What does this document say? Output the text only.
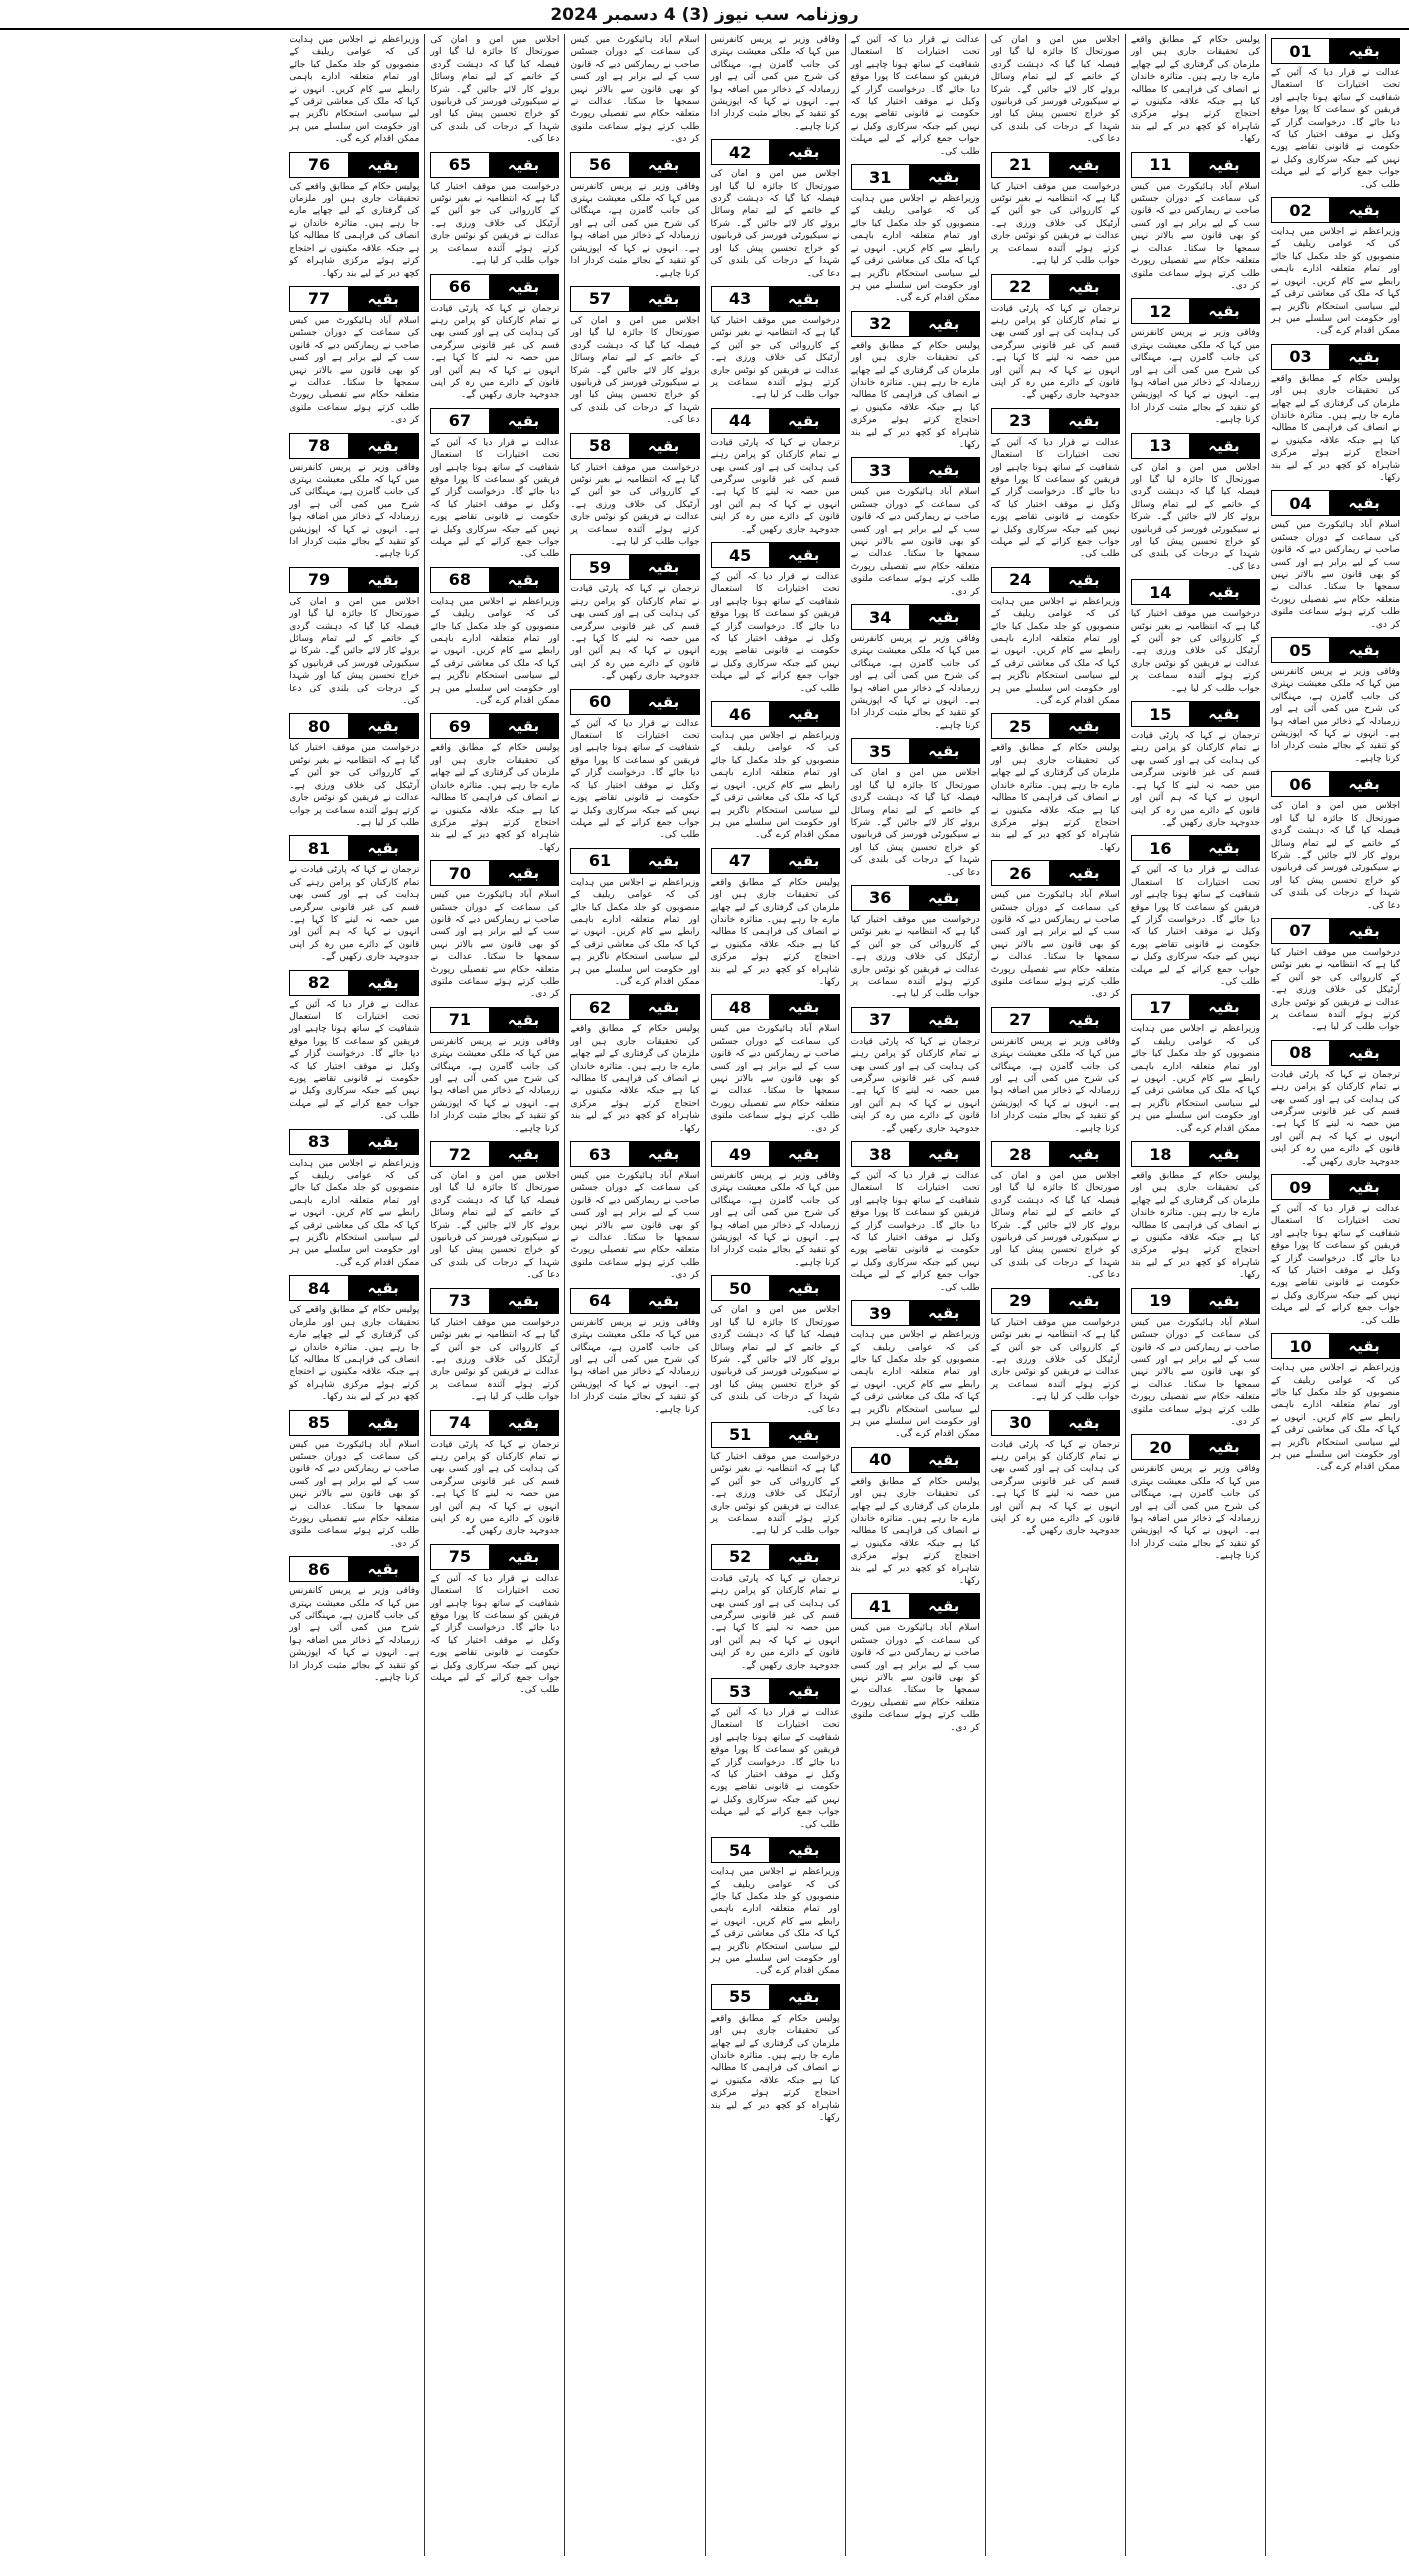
روزنامہ سب نیوز (3) 4 دسمبر 2024
بقیہ
01

عدالت نے قرار دیا کہ آئین کے تحت اختیارات کا استعمال شفافیت کے ساتھ ہونا چاہیے اور فریقین کو سماعت کا پورا موقع دیا جائے گا۔ درخواست گزار کے وکیل نے موقف اختیار کیا کہ حکومت نے قانونی تقاضے پورے نہیں کیے جبکہ سرکاری وکیل نے جواب جمع کرانے کے لیے مہلت طلب کی۔

بقیہ
02

وزیراعظم نے اجلاس میں ہدایت کی کہ عوامی ریلیف کے منصوبوں کو جلد مکمل کیا جائے اور تمام متعلقہ ادارے باہمی رابطے سے کام کریں۔ انہوں نے کہا کہ ملک کی معاشی ترقی کے لیے سیاسی استحکام ناگزیر ہے اور حکومت اس سلسلے میں ہر ممکن اقدام کرے گی۔

بقیہ
03

پولیس حکام کے مطابق واقعے کی تحقیقات جاری ہیں اور ملزمان کی گرفتاری کے لیے چھاپے مارے جا رہے ہیں۔ متاثرہ خاندان نے انصاف کی فراہمی کا مطالبہ کیا ہے جبکہ علاقہ مکینوں نے احتجاج کرتے ہوئے مرکزی شاہراہ کو کچھ دیر کے لیے بند رکھا۔

بقیہ
04

اسلام آباد ہائیکورٹ میں کیس کی سماعت کے دوران جسٹس صاحب نے ریمارکس دیے کہ قانون سب کے لیے برابر ہے اور کسی کو بھی قانون سے بالاتر نہیں سمجھا جا سکتا۔ عدالت نے متعلقہ حکام سے تفصیلی رپورٹ طلب کرتے ہوئے سماعت ملتوی کر دی۔

بقیہ
05

وفاقی وزیر نے پریس کانفرنس میں کہا کہ ملکی معیشت بہتری کی جانب گامزن ہے، مہنگائی کی شرح میں کمی آئی ہے اور زرمبادلہ کے ذخائر میں اضافہ ہوا ہے۔ انہوں نے کہا کہ اپوزیشن کو تنقید کے بجائے مثبت کردار ادا کرنا چاہیے۔

بقیہ
06

اجلاس میں امن و امان کی صورتحال کا جائزہ لیا گیا اور فیصلہ کیا گیا کہ دہشت گردی کے خاتمے کے لیے تمام وسائل بروئے کار لائے جائیں گے۔ شرکا نے سیکیورٹی فورسز کی قربانیوں کو خراج تحسین پیش کیا اور شہدا کے درجات کی بلندی کی دعا کی۔

بقیہ
07

درخواست میں موقف اختیار کیا گیا ہے کہ انتظامیہ نے بغیر نوٹس کے کارروائی کی جو آئین کے آرٹیکل کی خلاف ورزی ہے۔ عدالت نے فریقین کو نوٹس جاری کرتے ہوئے آئندہ سماعت پر جواب طلب کر لیا ہے۔

بقیہ
08

ترجمان نے کہا کہ پارٹی قیادت نے تمام کارکنان کو پرامن رہنے کی ہدایت کی ہے اور کسی بھی قسم کی غیر قانونی سرگرمی میں حصہ نہ لینے کا کہا ہے۔ انہوں نے کہا کہ ہم آئین اور قانون کے دائرے میں رہ کر اپنی جدوجہد جاری رکھیں گے۔

بقیہ
09

عدالت نے قرار دیا کہ آئین کے تحت اختیارات کا استعمال شفافیت کے ساتھ ہونا چاہیے اور فریقین کو سماعت کا پورا موقع دیا جائے گا۔ درخواست گزار کے وکیل نے موقف اختیار کیا کہ حکومت نے قانونی تقاضے پورے نہیں کیے جبکہ سرکاری وکیل نے جواب جمع کرانے کے لیے مہلت طلب کی۔

بقیہ
10

وزیراعظم نے اجلاس میں ہدایت کی کہ عوامی ریلیف کے منصوبوں کو جلد مکمل کیا جائے اور تمام متعلقہ ادارے باہمی رابطے سے کام کریں۔ انہوں نے کہا کہ ملک کی معاشی ترقی کے لیے سیاسی استحکام ناگزیر ہے اور حکومت اس سلسلے میں ہر ممکن اقدام کرے گی۔

پولیس حکام کے مطابق واقعے کی تحقیقات جاری ہیں اور ملزمان کی گرفتاری کے لیے چھاپے مارے جا رہے ہیں۔ متاثرہ خاندان نے انصاف کی فراہمی کا مطالبہ کیا ہے جبکہ علاقہ مکینوں نے احتجاج کرتے ہوئے مرکزی شاہراہ کو کچھ دیر کے لیے بند رکھا۔

بقیہ
11

اسلام آباد ہائیکورٹ میں کیس کی سماعت کے دوران جسٹس صاحب نے ریمارکس دیے کہ قانون سب کے لیے برابر ہے اور کسی کو بھی قانون سے بالاتر نہیں سمجھا جا سکتا۔ عدالت نے متعلقہ حکام سے تفصیلی رپورٹ طلب کرتے ہوئے سماعت ملتوی کر دی۔

بقیہ
12

وفاقی وزیر نے پریس کانفرنس میں کہا کہ ملکی معیشت بہتری کی جانب گامزن ہے، مہنگائی کی شرح میں کمی آئی ہے اور زرمبادلہ کے ذخائر میں اضافہ ہوا ہے۔ انہوں نے کہا کہ اپوزیشن کو تنقید کے بجائے مثبت کردار ادا کرنا چاہیے۔

بقیہ
13

اجلاس میں امن و امان کی صورتحال کا جائزہ لیا گیا اور فیصلہ کیا گیا کہ دہشت گردی کے خاتمے کے لیے تمام وسائل بروئے کار لائے جائیں گے۔ شرکا نے سیکیورٹی فورسز کی قربانیوں کو خراج تحسین پیش کیا اور شہدا کے درجات کی بلندی کی دعا کی۔

بقیہ
14

درخواست میں موقف اختیار کیا گیا ہے کہ انتظامیہ نے بغیر نوٹس کے کارروائی کی جو آئین کے آرٹیکل کی خلاف ورزی ہے۔ عدالت نے فریقین کو نوٹس جاری کرتے ہوئے آئندہ سماعت پر جواب طلب کر لیا ہے۔

بقیہ
15

ترجمان نے کہا کہ پارٹی قیادت نے تمام کارکنان کو پرامن رہنے کی ہدایت کی ہے اور کسی بھی قسم کی غیر قانونی سرگرمی میں حصہ نہ لینے کا کہا ہے۔ انہوں نے کہا کہ ہم آئین اور قانون کے دائرے میں رہ کر اپنی جدوجہد جاری رکھیں گے۔

بقیہ
16

عدالت نے قرار دیا کہ آئین کے تحت اختیارات کا استعمال شفافیت کے ساتھ ہونا چاہیے اور فریقین کو سماعت کا پورا موقع دیا جائے گا۔ درخواست گزار کے وکیل نے موقف اختیار کیا کہ حکومت نے قانونی تقاضے پورے نہیں کیے جبکہ سرکاری وکیل نے جواب جمع کرانے کے لیے مہلت طلب کی۔

بقیہ
17

وزیراعظم نے اجلاس میں ہدایت کی کہ عوامی ریلیف کے منصوبوں کو جلد مکمل کیا جائے اور تمام متعلقہ ادارے باہمی رابطے سے کام کریں۔ انہوں نے کہا کہ ملک کی معاشی ترقی کے لیے سیاسی استحکام ناگزیر ہے اور حکومت اس سلسلے میں ہر ممکن اقدام کرے گی۔

بقیہ
18

پولیس حکام کے مطابق واقعے کی تحقیقات جاری ہیں اور ملزمان کی گرفتاری کے لیے چھاپے مارے جا رہے ہیں۔ متاثرہ خاندان نے انصاف کی فراہمی کا مطالبہ کیا ہے جبکہ علاقہ مکینوں نے احتجاج کرتے ہوئے مرکزی شاہراہ کو کچھ دیر کے لیے بند رکھا۔

بقیہ
19

اسلام آباد ہائیکورٹ میں کیس کی سماعت کے دوران جسٹس صاحب نے ریمارکس دیے کہ قانون سب کے لیے برابر ہے اور کسی کو بھی قانون سے بالاتر نہیں سمجھا جا سکتا۔ عدالت نے متعلقہ حکام سے تفصیلی رپورٹ طلب کرتے ہوئے سماعت ملتوی کر دی۔

بقیہ
20

وفاقی وزیر نے پریس کانفرنس میں کہا کہ ملکی معیشت بہتری کی جانب گامزن ہے، مہنگائی کی شرح میں کمی آئی ہے اور زرمبادلہ کے ذخائر میں اضافہ ہوا ہے۔ انہوں نے کہا کہ اپوزیشن کو تنقید کے بجائے مثبت کردار ادا کرنا چاہیے۔

اجلاس میں امن و امان کی صورتحال کا جائزہ لیا گیا اور فیصلہ کیا گیا کہ دہشت گردی کے خاتمے کے لیے تمام وسائل بروئے کار لائے جائیں گے۔ شرکا نے سیکیورٹی فورسز کی قربانیوں کو خراج تحسین پیش کیا اور شہدا کے درجات کی بلندی کی دعا کی۔

بقیہ
21

درخواست میں موقف اختیار کیا گیا ہے کہ انتظامیہ نے بغیر نوٹس کے کارروائی کی جو آئین کے آرٹیکل کی خلاف ورزی ہے۔ عدالت نے فریقین کو نوٹس جاری کرتے ہوئے آئندہ سماعت پر جواب طلب کر لیا ہے۔

بقیہ
22

ترجمان نے کہا کہ پارٹی قیادت نے تمام کارکنان کو پرامن رہنے کی ہدایت کی ہے اور کسی بھی قسم کی غیر قانونی سرگرمی میں حصہ نہ لینے کا کہا ہے۔ انہوں نے کہا کہ ہم آئین اور قانون کے دائرے میں رہ کر اپنی جدوجہد جاری رکھیں گے۔

بقیہ
23

عدالت نے قرار دیا کہ آئین کے تحت اختیارات کا استعمال شفافیت کے ساتھ ہونا چاہیے اور فریقین کو سماعت کا پورا موقع دیا جائے گا۔ درخواست گزار کے وکیل نے موقف اختیار کیا کہ حکومت نے قانونی تقاضے پورے نہیں کیے جبکہ سرکاری وکیل نے جواب جمع کرانے کے لیے مہلت طلب کی۔

بقیہ
24

وزیراعظم نے اجلاس میں ہدایت کی کہ عوامی ریلیف کے منصوبوں کو جلد مکمل کیا جائے اور تمام متعلقہ ادارے باہمی رابطے سے کام کریں۔ انہوں نے کہا کہ ملک کی معاشی ترقی کے لیے سیاسی استحکام ناگزیر ہے اور حکومت اس سلسلے میں ہر ممکن اقدام کرے گی۔

بقیہ
25

پولیس حکام کے مطابق واقعے کی تحقیقات جاری ہیں اور ملزمان کی گرفتاری کے لیے چھاپے مارے جا رہے ہیں۔ متاثرہ خاندان نے انصاف کی فراہمی کا مطالبہ کیا ہے جبکہ علاقہ مکینوں نے احتجاج کرتے ہوئے مرکزی شاہراہ کو کچھ دیر کے لیے بند رکھا۔

بقیہ
26

اسلام آباد ہائیکورٹ میں کیس کی سماعت کے دوران جسٹس صاحب نے ریمارکس دیے کہ قانون سب کے لیے برابر ہے اور کسی کو بھی قانون سے بالاتر نہیں سمجھا جا سکتا۔ عدالت نے متعلقہ حکام سے تفصیلی رپورٹ طلب کرتے ہوئے سماعت ملتوی کر دی۔

بقیہ
27

وفاقی وزیر نے پریس کانفرنس میں کہا کہ ملکی معیشت بہتری کی جانب گامزن ہے، مہنگائی کی شرح میں کمی آئی ہے اور زرمبادلہ کے ذخائر میں اضافہ ہوا ہے۔ انہوں نے کہا کہ اپوزیشن کو تنقید کے بجائے مثبت کردار ادا کرنا چاہیے۔

بقیہ
28

اجلاس میں امن و امان کی صورتحال کا جائزہ لیا گیا اور فیصلہ کیا گیا کہ دہشت گردی کے خاتمے کے لیے تمام وسائل بروئے کار لائے جائیں گے۔ شرکا نے سیکیورٹی فورسز کی قربانیوں کو خراج تحسین پیش کیا اور شہدا کے درجات کی بلندی کی دعا کی۔

بقیہ
29

درخواست میں موقف اختیار کیا گیا ہے کہ انتظامیہ نے بغیر نوٹس کے کارروائی کی جو آئین کے آرٹیکل کی خلاف ورزی ہے۔ عدالت نے فریقین کو نوٹس جاری کرتے ہوئے آئندہ سماعت پر جواب طلب کر لیا ہے۔

بقیہ
30

ترجمان نے کہا کہ پارٹی قیادت نے تمام کارکنان کو پرامن رہنے کی ہدایت کی ہے اور کسی بھی قسم کی غیر قانونی سرگرمی میں حصہ نہ لینے کا کہا ہے۔ انہوں نے کہا کہ ہم آئین اور قانون کے دائرے میں رہ کر اپنی جدوجہد جاری رکھیں گے۔

عدالت نے قرار دیا کہ آئین کے تحت اختیارات کا استعمال شفافیت کے ساتھ ہونا چاہیے اور فریقین کو سماعت کا پورا موقع دیا جائے گا۔ درخواست گزار کے وکیل نے موقف اختیار کیا کہ حکومت نے قانونی تقاضے پورے نہیں کیے جبکہ سرکاری وکیل نے جواب جمع کرانے کے لیے مہلت طلب کی۔

بقیہ
31

وزیراعظم نے اجلاس میں ہدایت کی کہ عوامی ریلیف کے منصوبوں کو جلد مکمل کیا جائے اور تمام متعلقہ ادارے باہمی رابطے سے کام کریں۔ انہوں نے کہا کہ ملک کی معاشی ترقی کے لیے سیاسی استحکام ناگزیر ہے اور حکومت اس سلسلے میں ہر ممکن اقدام کرے گی۔

بقیہ
32

پولیس حکام کے مطابق واقعے کی تحقیقات جاری ہیں اور ملزمان کی گرفتاری کے لیے چھاپے مارے جا رہے ہیں۔ متاثرہ خاندان نے انصاف کی فراہمی کا مطالبہ کیا ہے جبکہ علاقہ مکینوں نے احتجاج کرتے ہوئے مرکزی شاہراہ کو کچھ دیر کے لیے بند رکھا۔

بقیہ
33

اسلام آباد ہائیکورٹ میں کیس کی سماعت کے دوران جسٹس صاحب نے ریمارکس دیے کہ قانون سب کے لیے برابر ہے اور کسی کو بھی قانون سے بالاتر نہیں سمجھا جا سکتا۔ عدالت نے متعلقہ حکام سے تفصیلی رپورٹ طلب کرتے ہوئے سماعت ملتوی کر دی۔

بقیہ
34

وفاقی وزیر نے پریس کانفرنس میں کہا کہ ملکی معیشت بہتری کی جانب گامزن ہے، مہنگائی کی شرح میں کمی آئی ہے اور زرمبادلہ کے ذخائر میں اضافہ ہوا ہے۔ انہوں نے کہا کہ اپوزیشن کو تنقید کے بجائے مثبت کردار ادا کرنا چاہیے۔

بقیہ
35

اجلاس میں امن و امان کی صورتحال کا جائزہ لیا گیا اور فیصلہ کیا گیا کہ دہشت گردی کے خاتمے کے لیے تمام وسائل بروئے کار لائے جائیں گے۔ شرکا نے سیکیورٹی فورسز کی قربانیوں کو خراج تحسین پیش کیا اور شہدا کے درجات کی بلندی کی دعا کی۔

بقیہ
36

درخواست میں موقف اختیار کیا گیا ہے کہ انتظامیہ نے بغیر نوٹس کے کارروائی کی جو آئین کے آرٹیکل کی خلاف ورزی ہے۔ عدالت نے فریقین کو نوٹس جاری کرتے ہوئے آئندہ سماعت پر جواب طلب کر لیا ہے۔

بقیہ
37

ترجمان نے کہا کہ پارٹی قیادت نے تمام کارکنان کو پرامن رہنے کی ہدایت کی ہے اور کسی بھی قسم کی غیر قانونی سرگرمی میں حصہ نہ لینے کا کہا ہے۔ انہوں نے کہا کہ ہم آئین اور قانون کے دائرے میں رہ کر اپنی جدوجہد جاری رکھیں گے۔

بقیہ
38

عدالت نے قرار دیا کہ آئین کے تحت اختیارات کا استعمال شفافیت کے ساتھ ہونا چاہیے اور فریقین کو سماعت کا پورا موقع دیا جائے گا۔ درخواست گزار کے وکیل نے موقف اختیار کیا کہ حکومت نے قانونی تقاضے پورے نہیں کیے جبکہ سرکاری وکیل نے جواب جمع کرانے کے لیے مہلت طلب کی۔

بقیہ
39

وزیراعظم نے اجلاس میں ہدایت کی کہ عوامی ریلیف کے منصوبوں کو جلد مکمل کیا جائے اور تمام متعلقہ ادارے باہمی رابطے سے کام کریں۔ انہوں نے کہا کہ ملک کی معاشی ترقی کے لیے سیاسی استحکام ناگزیر ہے اور حکومت اس سلسلے میں ہر ممکن اقدام کرے گی۔

بقیہ
40

پولیس حکام کے مطابق واقعے کی تحقیقات جاری ہیں اور ملزمان کی گرفتاری کے لیے چھاپے مارے جا رہے ہیں۔ متاثرہ خاندان نے انصاف کی فراہمی کا مطالبہ کیا ہے جبکہ علاقہ مکینوں نے احتجاج کرتے ہوئے مرکزی شاہراہ کو کچھ دیر کے لیے بند رکھا۔

بقیہ
41

اسلام آباد ہائیکورٹ میں کیس کی سماعت کے دوران جسٹس صاحب نے ریمارکس دیے کہ قانون سب کے لیے برابر ہے اور کسی کو بھی قانون سے بالاتر نہیں سمجھا جا سکتا۔ عدالت نے متعلقہ حکام سے تفصیلی رپورٹ طلب کرتے ہوئے سماعت ملتوی کر دی۔

وفاقی وزیر نے پریس کانفرنس میں کہا کہ ملکی معیشت بہتری کی جانب گامزن ہے، مہنگائی کی شرح میں کمی آئی ہے اور زرمبادلہ کے ذخائر میں اضافہ ہوا ہے۔ انہوں نے کہا کہ اپوزیشن کو تنقید کے بجائے مثبت کردار ادا کرنا چاہیے۔

بقیہ
42

اجلاس میں امن و امان کی صورتحال کا جائزہ لیا گیا اور فیصلہ کیا گیا کہ دہشت گردی کے خاتمے کے لیے تمام وسائل بروئے کار لائے جائیں گے۔ شرکا نے سیکیورٹی فورسز کی قربانیوں کو خراج تحسین پیش کیا اور شہدا کے درجات کی بلندی کی دعا کی۔

بقیہ
43

درخواست میں موقف اختیار کیا گیا ہے کہ انتظامیہ نے بغیر نوٹس کے کارروائی کی جو آئین کے آرٹیکل کی خلاف ورزی ہے۔ عدالت نے فریقین کو نوٹس جاری کرتے ہوئے آئندہ سماعت پر جواب طلب کر لیا ہے۔

بقیہ
44

ترجمان نے کہا کہ پارٹی قیادت نے تمام کارکنان کو پرامن رہنے کی ہدایت کی ہے اور کسی بھی قسم کی غیر قانونی سرگرمی میں حصہ نہ لینے کا کہا ہے۔ انہوں نے کہا کہ ہم آئین اور قانون کے دائرے میں رہ کر اپنی جدوجہد جاری رکھیں گے۔

بقیہ
45

عدالت نے قرار دیا کہ آئین کے تحت اختیارات کا استعمال شفافیت کے ساتھ ہونا چاہیے اور فریقین کو سماعت کا پورا موقع دیا جائے گا۔ درخواست گزار کے وکیل نے موقف اختیار کیا کہ حکومت نے قانونی تقاضے پورے نہیں کیے جبکہ سرکاری وکیل نے جواب جمع کرانے کے لیے مہلت طلب کی۔

بقیہ
46

وزیراعظم نے اجلاس میں ہدایت کی کہ عوامی ریلیف کے منصوبوں کو جلد مکمل کیا جائے اور تمام متعلقہ ادارے باہمی رابطے سے کام کریں۔ انہوں نے کہا کہ ملک کی معاشی ترقی کے لیے سیاسی استحکام ناگزیر ہے اور حکومت اس سلسلے میں ہر ممکن اقدام کرے گی۔

بقیہ
47

پولیس حکام کے مطابق واقعے کی تحقیقات جاری ہیں اور ملزمان کی گرفتاری کے لیے چھاپے مارے جا رہے ہیں۔ متاثرہ خاندان نے انصاف کی فراہمی کا مطالبہ کیا ہے جبکہ علاقہ مکینوں نے احتجاج کرتے ہوئے مرکزی شاہراہ کو کچھ دیر کے لیے بند رکھا۔

بقیہ
48

اسلام آباد ہائیکورٹ میں کیس کی سماعت کے دوران جسٹس صاحب نے ریمارکس دیے کہ قانون سب کے لیے برابر ہے اور کسی کو بھی قانون سے بالاتر نہیں سمجھا جا سکتا۔ عدالت نے متعلقہ حکام سے تفصیلی رپورٹ طلب کرتے ہوئے سماعت ملتوی کر دی۔

بقیہ
49

وفاقی وزیر نے پریس کانفرنس میں کہا کہ ملکی معیشت بہتری کی جانب گامزن ہے، مہنگائی کی شرح میں کمی آئی ہے اور زرمبادلہ کے ذخائر میں اضافہ ہوا ہے۔ انہوں نے کہا کہ اپوزیشن کو تنقید کے بجائے مثبت کردار ادا کرنا چاہیے۔

بقیہ
50

اجلاس میں امن و امان کی صورتحال کا جائزہ لیا گیا اور فیصلہ کیا گیا کہ دہشت گردی کے خاتمے کے لیے تمام وسائل بروئے کار لائے جائیں گے۔ شرکا نے سیکیورٹی فورسز کی قربانیوں کو خراج تحسین پیش کیا اور شہدا کے درجات کی بلندی کی دعا کی۔

بقیہ
51

درخواست میں موقف اختیار کیا گیا ہے کہ انتظامیہ نے بغیر نوٹس کے کارروائی کی جو آئین کے آرٹیکل کی خلاف ورزی ہے۔ عدالت نے فریقین کو نوٹس جاری کرتے ہوئے آئندہ سماعت پر جواب طلب کر لیا ہے۔

بقیہ
52

ترجمان نے کہا کہ پارٹی قیادت نے تمام کارکنان کو پرامن رہنے کی ہدایت کی ہے اور کسی بھی قسم کی غیر قانونی سرگرمی میں حصہ نہ لینے کا کہا ہے۔ انہوں نے کہا کہ ہم آئین اور قانون کے دائرے میں رہ کر اپنی جدوجہد جاری رکھیں گے۔

بقیہ
53

عدالت نے قرار دیا کہ آئین کے تحت اختیارات کا استعمال شفافیت کے ساتھ ہونا چاہیے اور فریقین کو سماعت کا پورا موقع دیا جائے گا۔ درخواست گزار کے وکیل نے موقف اختیار کیا کہ حکومت نے قانونی تقاضے پورے نہیں کیے جبکہ سرکاری وکیل نے جواب جمع کرانے کے لیے مہلت طلب کی۔

بقیہ
54

وزیراعظم نے اجلاس میں ہدایت کی کہ عوامی ریلیف کے منصوبوں کو جلد مکمل کیا جائے اور تمام متعلقہ ادارے باہمی رابطے سے کام کریں۔ انہوں نے کہا کہ ملک کی معاشی ترقی کے لیے سیاسی استحکام ناگزیر ہے اور حکومت اس سلسلے میں ہر ممکن اقدام کرے گی۔

بقیہ
55

پولیس حکام کے مطابق واقعے کی تحقیقات جاری ہیں اور ملزمان کی گرفتاری کے لیے چھاپے مارے جا رہے ہیں۔ متاثرہ خاندان نے انصاف کی فراہمی کا مطالبہ کیا ہے جبکہ علاقہ مکینوں نے احتجاج کرتے ہوئے مرکزی شاہراہ کو کچھ دیر کے لیے بند رکھا۔

اسلام آباد ہائیکورٹ میں کیس کی سماعت کے دوران جسٹس صاحب نے ریمارکس دیے کہ قانون سب کے لیے برابر ہے اور کسی کو بھی قانون سے بالاتر نہیں سمجھا جا سکتا۔ عدالت نے متعلقہ حکام سے تفصیلی رپورٹ طلب کرتے ہوئے سماعت ملتوی کر دی۔

بقیہ
56

وفاقی وزیر نے پریس کانفرنس میں کہا کہ ملکی معیشت بہتری کی جانب گامزن ہے، مہنگائی کی شرح میں کمی آئی ہے اور زرمبادلہ کے ذخائر میں اضافہ ہوا ہے۔ انہوں نے کہا کہ اپوزیشن کو تنقید کے بجائے مثبت کردار ادا کرنا چاہیے۔

بقیہ
57

اجلاس میں امن و امان کی صورتحال کا جائزہ لیا گیا اور فیصلہ کیا گیا کہ دہشت گردی کے خاتمے کے لیے تمام وسائل بروئے کار لائے جائیں گے۔ شرکا نے سیکیورٹی فورسز کی قربانیوں کو خراج تحسین پیش کیا اور شہدا کے درجات کی بلندی کی دعا کی۔

بقیہ
58

درخواست میں موقف اختیار کیا گیا ہے کہ انتظامیہ نے بغیر نوٹس کے کارروائی کی جو آئین کے آرٹیکل کی خلاف ورزی ہے۔ عدالت نے فریقین کو نوٹس جاری کرتے ہوئے آئندہ سماعت پر جواب طلب کر لیا ہے۔

بقیہ
59

ترجمان نے کہا کہ پارٹی قیادت نے تمام کارکنان کو پرامن رہنے کی ہدایت کی ہے اور کسی بھی قسم کی غیر قانونی سرگرمی میں حصہ نہ لینے کا کہا ہے۔ انہوں نے کہا کہ ہم آئین اور قانون کے دائرے میں رہ کر اپنی جدوجہد جاری رکھیں گے۔

بقیہ
60

عدالت نے قرار دیا کہ آئین کے تحت اختیارات کا استعمال شفافیت کے ساتھ ہونا چاہیے اور فریقین کو سماعت کا پورا موقع دیا جائے گا۔ درخواست گزار کے وکیل نے موقف اختیار کیا کہ حکومت نے قانونی تقاضے پورے نہیں کیے جبکہ سرکاری وکیل نے جواب جمع کرانے کے لیے مہلت طلب کی۔

بقیہ
61

وزیراعظم نے اجلاس میں ہدایت کی کہ عوامی ریلیف کے منصوبوں کو جلد مکمل کیا جائے اور تمام متعلقہ ادارے باہمی رابطے سے کام کریں۔ انہوں نے کہا کہ ملک کی معاشی ترقی کے لیے سیاسی استحکام ناگزیر ہے اور حکومت اس سلسلے میں ہر ممکن اقدام کرے گی۔

بقیہ
62

پولیس حکام کے مطابق واقعے کی تحقیقات جاری ہیں اور ملزمان کی گرفتاری کے لیے چھاپے مارے جا رہے ہیں۔ متاثرہ خاندان نے انصاف کی فراہمی کا مطالبہ کیا ہے جبکہ علاقہ مکینوں نے احتجاج کرتے ہوئے مرکزی شاہراہ کو کچھ دیر کے لیے بند رکھا۔

بقیہ
63

اسلام آباد ہائیکورٹ میں کیس کی سماعت کے دوران جسٹس صاحب نے ریمارکس دیے کہ قانون سب کے لیے برابر ہے اور کسی کو بھی قانون سے بالاتر نہیں سمجھا جا سکتا۔ عدالت نے متعلقہ حکام سے تفصیلی رپورٹ طلب کرتے ہوئے سماعت ملتوی کر دی۔

بقیہ
64

وفاقی وزیر نے پریس کانفرنس میں کہا کہ ملکی معیشت بہتری کی جانب گامزن ہے، مہنگائی کی شرح میں کمی آئی ہے اور زرمبادلہ کے ذخائر میں اضافہ ہوا ہے۔ انہوں نے کہا کہ اپوزیشن کو تنقید کے بجائے مثبت کردار ادا کرنا چاہیے۔

اجلاس میں امن و امان کی صورتحال کا جائزہ لیا گیا اور فیصلہ کیا گیا کہ دہشت گردی کے خاتمے کے لیے تمام وسائل بروئے کار لائے جائیں گے۔ شرکا نے سیکیورٹی فورسز کی قربانیوں کو خراج تحسین پیش کیا اور شہدا کے درجات کی بلندی کی دعا کی۔

بقیہ
65

درخواست میں موقف اختیار کیا گیا ہے کہ انتظامیہ نے بغیر نوٹس کے کارروائی کی جو آئین کے آرٹیکل کی خلاف ورزی ہے۔ عدالت نے فریقین کو نوٹس جاری کرتے ہوئے آئندہ سماعت پر جواب طلب کر لیا ہے۔

بقیہ
66

ترجمان نے کہا کہ پارٹی قیادت نے تمام کارکنان کو پرامن رہنے کی ہدایت کی ہے اور کسی بھی قسم کی غیر قانونی سرگرمی میں حصہ نہ لینے کا کہا ہے۔ انہوں نے کہا کہ ہم آئین اور قانون کے دائرے میں رہ کر اپنی جدوجہد جاری رکھیں گے۔

بقیہ
67

عدالت نے قرار دیا کہ آئین کے تحت اختیارات کا استعمال شفافیت کے ساتھ ہونا چاہیے اور فریقین کو سماعت کا پورا موقع دیا جائے گا۔ درخواست گزار کے وکیل نے موقف اختیار کیا کہ حکومت نے قانونی تقاضے پورے نہیں کیے جبکہ سرکاری وکیل نے جواب جمع کرانے کے لیے مہلت طلب کی۔

بقیہ
68

وزیراعظم نے اجلاس میں ہدایت کی کہ عوامی ریلیف کے منصوبوں کو جلد مکمل کیا جائے اور تمام متعلقہ ادارے باہمی رابطے سے کام کریں۔ انہوں نے کہا کہ ملک کی معاشی ترقی کے لیے سیاسی استحکام ناگزیر ہے اور حکومت اس سلسلے میں ہر ممکن اقدام کرے گی۔

بقیہ
69

پولیس حکام کے مطابق واقعے کی تحقیقات جاری ہیں اور ملزمان کی گرفتاری کے لیے چھاپے مارے جا رہے ہیں۔ متاثرہ خاندان نے انصاف کی فراہمی کا مطالبہ کیا ہے جبکہ علاقہ مکینوں نے احتجاج کرتے ہوئے مرکزی شاہراہ کو کچھ دیر کے لیے بند رکھا۔

بقیہ
70

اسلام آباد ہائیکورٹ میں کیس کی سماعت کے دوران جسٹس صاحب نے ریمارکس دیے کہ قانون سب کے لیے برابر ہے اور کسی کو بھی قانون سے بالاتر نہیں سمجھا جا سکتا۔ عدالت نے متعلقہ حکام سے تفصیلی رپورٹ طلب کرتے ہوئے سماعت ملتوی کر دی۔

بقیہ
71

وفاقی وزیر نے پریس کانفرنس میں کہا کہ ملکی معیشت بہتری کی جانب گامزن ہے، مہنگائی کی شرح میں کمی آئی ہے اور زرمبادلہ کے ذخائر میں اضافہ ہوا ہے۔ انہوں نے کہا کہ اپوزیشن کو تنقید کے بجائے مثبت کردار ادا کرنا چاہیے۔

بقیہ
72

اجلاس میں امن و امان کی صورتحال کا جائزہ لیا گیا اور فیصلہ کیا گیا کہ دہشت گردی کے خاتمے کے لیے تمام وسائل بروئے کار لائے جائیں گے۔ شرکا نے سیکیورٹی فورسز کی قربانیوں کو خراج تحسین پیش کیا اور شہدا کے درجات کی بلندی کی دعا کی۔

بقیہ
73

درخواست میں موقف اختیار کیا گیا ہے کہ انتظامیہ نے بغیر نوٹس کے کارروائی کی جو آئین کے آرٹیکل کی خلاف ورزی ہے۔ عدالت نے فریقین کو نوٹس جاری کرتے ہوئے آئندہ سماعت پر جواب طلب کر لیا ہے۔

بقیہ
74

ترجمان نے کہا کہ پارٹی قیادت نے تمام کارکنان کو پرامن رہنے کی ہدایت کی ہے اور کسی بھی قسم کی غیر قانونی سرگرمی میں حصہ نہ لینے کا کہا ہے۔ انہوں نے کہا کہ ہم آئین اور قانون کے دائرے میں رہ کر اپنی جدوجہد جاری رکھیں گے۔

بقیہ
75

عدالت نے قرار دیا کہ آئین کے تحت اختیارات کا استعمال شفافیت کے ساتھ ہونا چاہیے اور فریقین کو سماعت کا پورا موقع دیا جائے گا۔ درخواست گزار کے وکیل نے موقف اختیار کیا کہ حکومت نے قانونی تقاضے پورے نہیں کیے جبکہ سرکاری وکیل نے جواب جمع کرانے کے لیے مہلت طلب کی۔

وزیراعظم نے اجلاس میں ہدایت کی کہ عوامی ریلیف کے منصوبوں کو جلد مکمل کیا جائے اور تمام متعلقہ ادارے باہمی رابطے سے کام کریں۔ انہوں نے کہا کہ ملک کی معاشی ترقی کے لیے سیاسی استحکام ناگزیر ہے اور حکومت اس سلسلے میں ہر ممکن اقدام کرے گی۔

بقیہ
76

پولیس حکام کے مطابق واقعے کی تحقیقات جاری ہیں اور ملزمان کی گرفتاری کے لیے چھاپے مارے جا رہے ہیں۔ متاثرہ خاندان نے انصاف کی فراہمی کا مطالبہ کیا ہے جبکہ علاقہ مکینوں نے احتجاج کرتے ہوئے مرکزی شاہراہ کو کچھ دیر کے لیے بند رکھا۔

بقیہ
77

اسلام آباد ہائیکورٹ میں کیس کی سماعت کے دوران جسٹس صاحب نے ریمارکس دیے کہ قانون سب کے لیے برابر ہے اور کسی کو بھی قانون سے بالاتر نہیں سمجھا جا سکتا۔ عدالت نے متعلقہ حکام سے تفصیلی رپورٹ طلب کرتے ہوئے سماعت ملتوی کر دی۔

بقیہ
78

وفاقی وزیر نے پریس کانفرنس میں کہا کہ ملکی معیشت بہتری کی جانب گامزن ہے، مہنگائی کی شرح میں کمی آئی ہے اور زرمبادلہ کے ذخائر میں اضافہ ہوا ہے۔ انہوں نے کہا کہ اپوزیشن کو تنقید کے بجائے مثبت کردار ادا کرنا چاہیے۔

بقیہ
79

اجلاس میں امن و امان کی صورتحال کا جائزہ لیا گیا اور فیصلہ کیا گیا کہ دہشت گردی کے خاتمے کے لیے تمام وسائل بروئے کار لائے جائیں گے۔ شرکا نے سیکیورٹی فورسز کی قربانیوں کو خراج تحسین پیش کیا اور شہدا کے درجات کی بلندی کی دعا کی۔

بقیہ
80

درخواست میں موقف اختیار کیا گیا ہے کہ انتظامیہ نے بغیر نوٹس کے کارروائی کی جو آئین کے آرٹیکل کی خلاف ورزی ہے۔ عدالت نے فریقین کو نوٹس جاری کرتے ہوئے آئندہ سماعت پر جواب طلب کر لیا ہے۔

بقیہ
81

ترجمان نے کہا کہ پارٹی قیادت نے تمام کارکنان کو پرامن رہنے کی ہدایت کی ہے اور کسی بھی قسم کی غیر قانونی سرگرمی میں حصہ نہ لینے کا کہا ہے۔ انہوں نے کہا کہ ہم آئین اور قانون کے دائرے میں رہ کر اپنی جدوجہد جاری رکھیں گے۔

بقیہ
82

عدالت نے قرار دیا کہ آئین کے تحت اختیارات کا استعمال شفافیت کے ساتھ ہونا چاہیے اور فریقین کو سماعت کا پورا موقع دیا جائے گا۔ درخواست گزار کے وکیل نے موقف اختیار کیا کہ حکومت نے قانونی تقاضے پورے نہیں کیے جبکہ سرکاری وکیل نے جواب جمع کرانے کے لیے مہلت طلب کی۔

بقیہ
83

وزیراعظم نے اجلاس میں ہدایت کی کہ عوامی ریلیف کے منصوبوں کو جلد مکمل کیا جائے اور تمام متعلقہ ادارے باہمی رابطے سے کام کریں۔ انہوں نے کہا کہ ملک کی معاشی ترقی کے لیے سیاسی استحکام ناگزیر ہے اور حکومت اس سلسلے میں ہر ممکن اقدام کرے گی۔

بقیہ
84

پولیس حکام کے مطابق واقعے کی تحقیقات جاری ہیں اور ملزمان کی گرفتاری کے لیے چھاپے مارے جا رہے ہیں۔ متاثرہ خاندان نے انصاف کی فراہمی کا مطالبہ کیا ہے جبکہ علاقہ مکینوں نے احتجاج کرتے ہوئے مرکزی شاہراہ کو کچھ دیر کے لیے بند رکھا۔

بقیہ
85

اسلام آباد ہائیکورٹ میں کیس کی سماعت کے دوران جسٹس صاحب نے ریمارکس دیے کہ قانون سب کے لیے برابر ہے اور کسی کو بھی قانون سے بالاتر نہیں سمجھا جا سکتا۔ عدالت نے متعلقہ حکام سے تفصیلی رپورٹ طلب کرتے ہوئے سماعت ملتوی کر دی۔

بقیہ
86

وفاقی وزیر نے پریس کانفرنس میں کہا کہ ملکی معیشت بہتری کی جانب گامزن ہے، مہنگائی کی شرح میں کمی آئی ہے اور زرمبادلہ کے ذخائر میں اضافہ ہوا ہے۔ انہوں نے کہا کہ اپوزیشن کو تنقید کے بجائے مثبت کردار ادا کرنا چاہیے۔
